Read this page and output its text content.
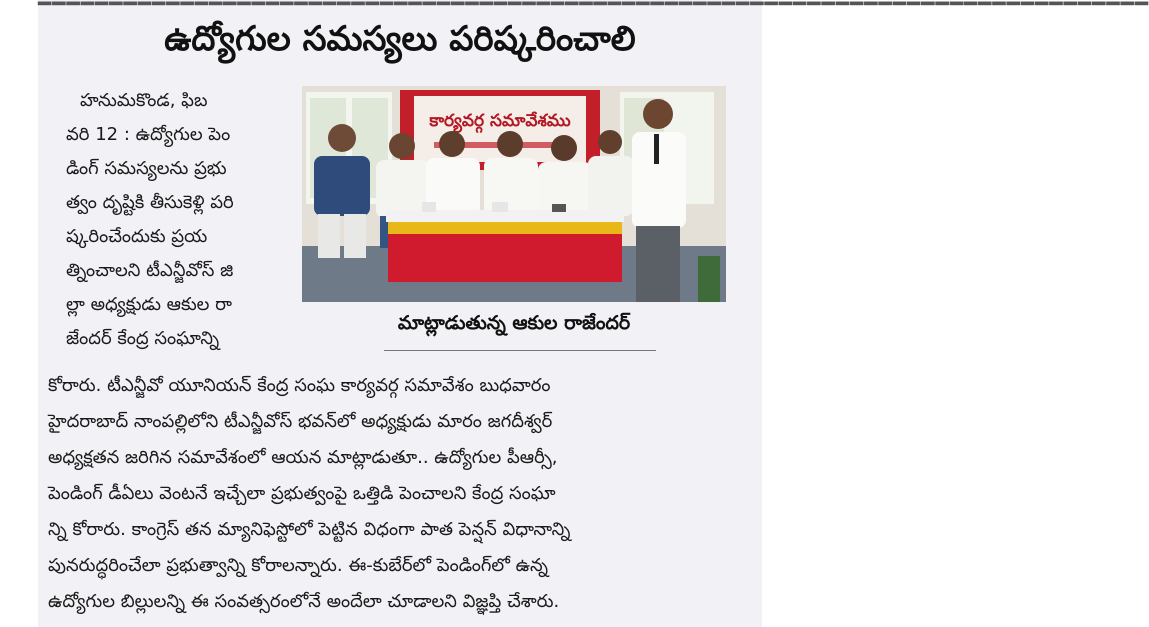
━━━━━━━━━━━━━━━━━━━━━━━━━━━━━━━━━━━━━━━━━━━━━━━━━━━━━━━━━━━━━━━━━━━━━━━━━━━━━━
ఉద్యోగుల సమస్యలు పరిష్కరించాలి

హనుమకొండ, ఫిబ

వరి 12 : ఉద్యోగుల పెం

డింగ్ సమస్యలను ప్రభు

త్వం దృష్టికి తీసుకెళ్లి పరి

ష్కరించేందుకు ప్రయ

త్నించాలని టీఎన్జీవోస్ జి

ల్లా అధ్యక్షుడు ఆకుల రా

జేందర్ కేంద్ర సంఘాన్ని

కార్యవర్గ సమావేశము
మాట్లాడుతున్న ఆకుల రాజేందర్

కోరారు. టీఎన్జీవో యూనియన్ కేంద్ర సంఘ కార్యవర్గ సమావేశం బుధవారం

హైదరాబాద్ నాంపల్లిలోని టీఎన్జీవోస్ భవన్‌లో అధ్యక్షుడు మారం జగదీశ్వర్

అధ్యక్షతన జరిగిన సమావేశంలో ఆయన మాట్లాడుతూ.. ఉద్యోగుల పీఆర్సీ,

పెండింగ్ డీఏలు వెంటనే ఇచ్చేలా ప్రభుత్వంపై ఒత్తిడి పెంచాలని కేంద్ర సంఘా

న్ని కోరారు. కాంగ్రెస్ తన మ్యానిఫెస్టోలో పెట్టిన విధంగా పాత పెన్షన్ విధానాన్ని

పునరుద్ధరించేలా ప్రభుత్వాన్ని కోరాలన్నారు. ఈ-కుబేర్‌లో పెండింగ్‌లో ఉన్న

ఉద్యోగుల బిల్లులన్ని ఈ సంవత్సరంలోనే అందేలా చూడాలని విజ్ఞప్తి చేశారు.
